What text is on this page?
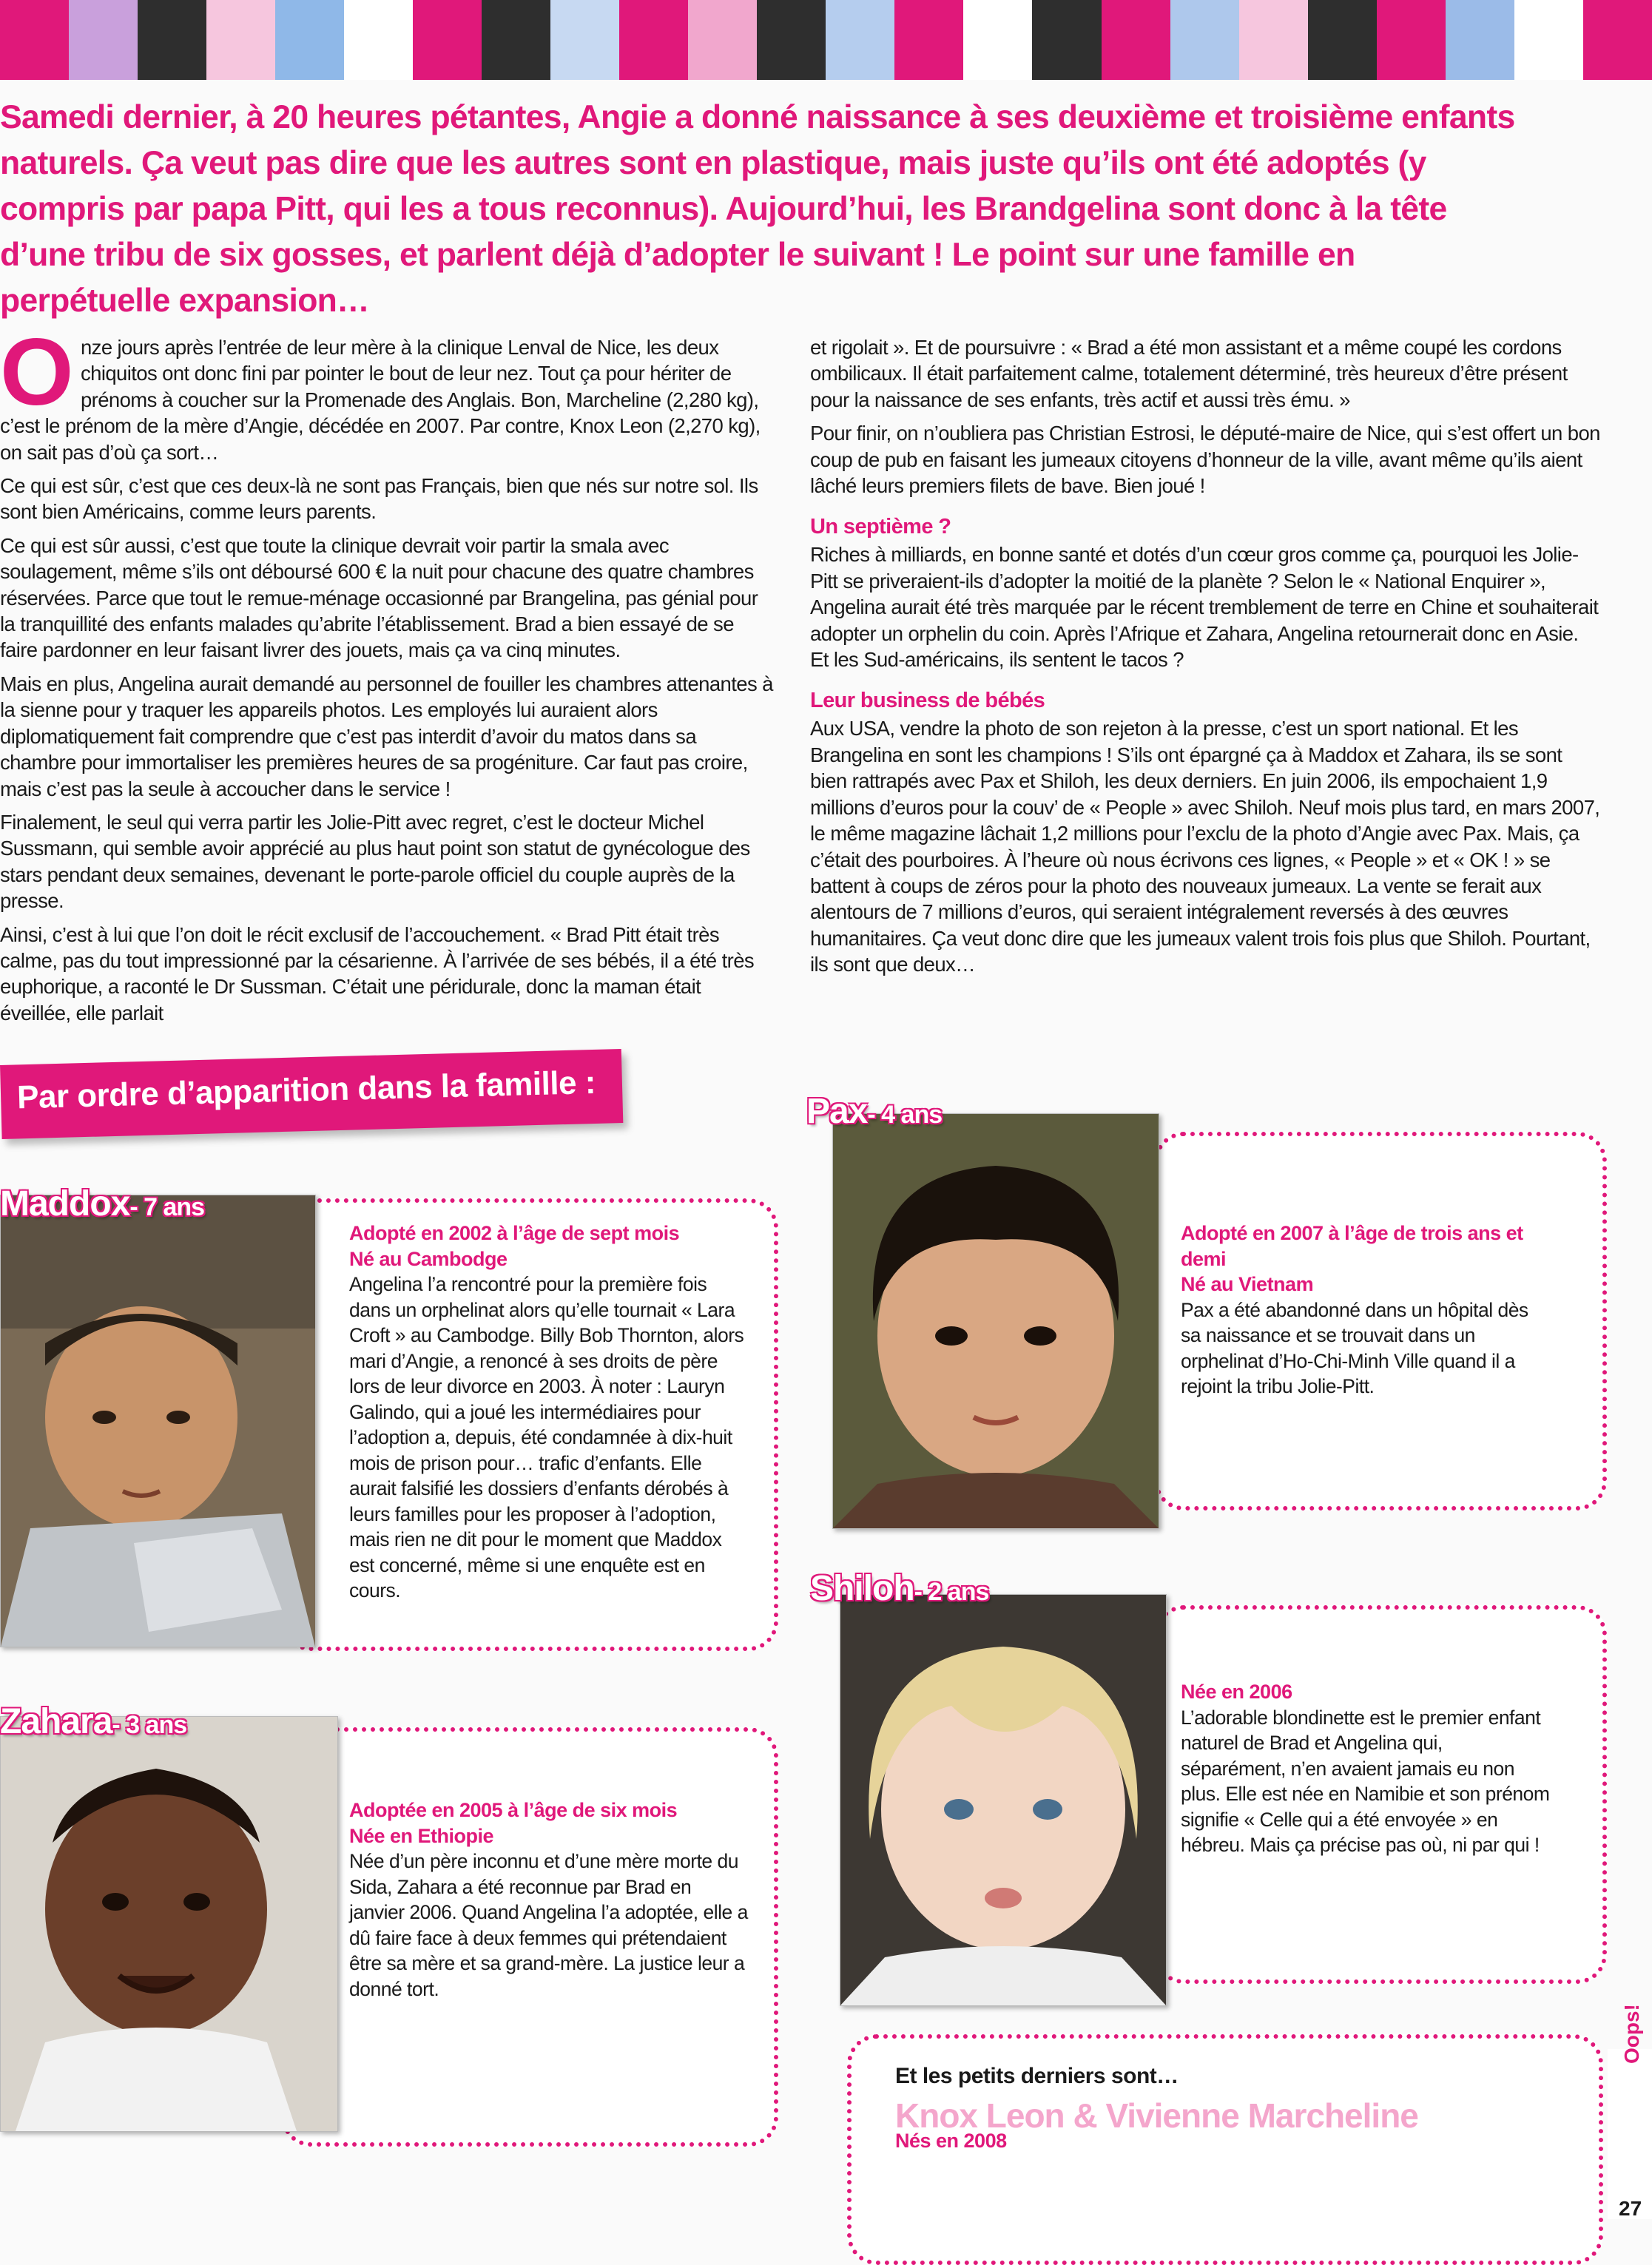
Samedi dernier, à 20 heures pétantes, Angie a donné naissance à ses deuxième et troisième enfants naturels. Ça veut pas dire que les autres sont en plastique, mais juste qu’ils ont été adoptés (y compris par papa Pitt, qui les a tous reconnus). Aujourd’hui, les Brandgelina sont donc à la tête d’une tribu de six gosses, et parlent déjà d’adopter le suivant ! Le point sur une famille en perpétuelle expansion…

Onze jours après l’entrée de leur mère à la clinique Lenval de Nice, les deux chiquitos ont donc fini par pointer le bout de leur nez. Tout ça pour hériter de prénoms à coucher sur la Promenade des Anglais. Bon, Marcheline (2,280 kg), c’est le prénom de la mère d’Angie, décédée en 2007. Par contre, Knox Leon (2,270 kg), on sait pas d’où ça sort…

Ce qui est sûr, c’est que ces deux-là ne sont pas Français, bien que nés sur notre sol. Ils sont bien Américains, comme leurs parents.

Ce qui est sûr aussi, c’est que toute la clinique devrait voir partir la smala avec soulagement, même s’ils ont déboursé 600 € la nuit pour chacune des quatre chambres réservées. Parce que tout le remue-ménage occasionné par Brangelina, pas génial pour la tranquillité des enfants malades qu’abrite l’établissement. Brad a bien essayé de se faire pardonner en leur faisant livrer des jouets, mais ça va cinq minutes.

Mais en plus, Angelina aurait demandé au personnel de fouiller les chambres attenantes à la sienne pour y traquer les appareils photos. Les employés lui auraient alors diplomatiquement fait comprendre que c’est pas interdit d’avoir du matos dans sa chambre pour immortaliser les premières heures de sa progéniture. Car faut pas croire, mais c’est pas la seule à accoucher dans le service !

Finalement, le seul qui verra partir les Jolie-Pitt avec regret, c’est le docteur Michel Sussmann, qui semble avoir apprécié au plus haut point son statut de gynécologue des stars pendant deux semaines, devenant le porte-parole officiel du couple auprès de la presse.

Ainsi, c’est à lui que l’on doit le récit exclusif de l’accouchement. « Brad Pitt était très calme, pas du tout impressionné par la césarienne. À l’arrivée de ses bébés, il a été très euphorique, a raconté le Dr Sussman. C’était une péridurale, donc la maman était éveillée, elle parlait

et rigolait ». Et de poursuivre : « Brad a été mon assistant et a même coupé les cordons ombilicaux. Il était parfaitement calme, totalement déterminé, très heureux d’être présent pour la naissance de ses enfants, très actif et aussi très ému. »

Pour finir, on n’oubliera pas Christian Estrosi, le député-maire de Nice, qui s’est offert un bon coup de pub en faisant les jumeaux citoyens d’honneur de la ville, avant même qu’ils aient lâché leurs premiers filets de bave. Bien joué !

Un septième ?

Riches à milliards, en bonne santé et dotés d’un cœur gros comme ça, pourquoi les Jolie-Pitt se priveraient-ils d’adopter la moitié de la planète ? Selon le « National Enquirer », Angelina aurait été très marquée par le récent tremblement de terre en Chine et souhaiterait adopter un orphelin du coin. Après l’Afrique et Zahara, Angelina retournerait donc en Asie. Et les Sud-américains, ils sentent le tacos ?

Leur business de bébés

Aux USA, vendre la photo de son rejeton à la presse, c’est un sport national. Et les Brangelina en sont les champions ! S’ils ont épargné ça à Maddox et Zahara, ils se sont bien rattrapés avec Pax et Shiloh, les deux derniers. En juin 2006, ils empochaient 1,9 millions d’euros pour la couv’ de « People » avec Shiloh. Neuf mois plus tard, en mars 2007, le même magazine lâchait 1,2 millions pour l’exclu de la photo d’Angie avec Pax. Mais, ça c’était des pourboires. À l’heure où nous écrivons ces lignes, « People » et « OK ! » se battent à coups de zéros pour la photo des nouveaux jumeaux. La vente se ferait aux alentours de 7 millions d’euros, qui seraient intégralement reversés à des œuvres humanitaires. Ça veut donc dire que les jumeaux valent trois fois plus que Shiloh. Pourtant, ils sont que deux…

Par ordre d’apparition dans la famille :
Maddox- 7 ans
Adopté en 2002 à l’âge de sept mois
Né au Cambodge
Angelina l’a rencontré pour la première fois dans un orphelinat alors qu’elle tournait « Lara Croft » au Cambodge. Billy Bob Thornton, alors mari d’Angie, a renoncé à ses droits de père lors de leur divorce en 2003. À noter : Lauryn Galindo, qui a joué les intermédiaires pour l’adoption a, depuis, été condamnée à dix-huit mois de prison pour… trafic d’enfants. Elle aurait falsifié les dossiers d’enfants dérobés à leurs familles pour les proposer à l’adoption, mais rien ne dit pour le moment que Maddox est concerné, même si une enquête est en cours.
Zahara- 3 ans
Adoptée en 2005 à l’âge de six mois
Née en Ethiopie
Née d’un père inconnu et d’une mère morte du Sida, Zahara a été reconnue par Brad en janvier 2006. Quand Angelina l’a adoptée, elle a dû faire face à deux femmes qui prétendaient être sa mère et sa grand-mère. La justice leur a donné tort.
Pax- 4 ans
Adopté en 2007 à l’âge de trois ans et demi
Né au Vietnam
Pax a été abandonné dans un hôpital dès sa naissance et se trouvait dans un orphelinat d’Ho-Chi-Minh Ville quand il a rejoint la tribu Jolie-Pitt.
Shiloh- 2 ans
Née en 2006
L’adorable blondinette est le premier enfant naturel de Brad et Angelina qui, séparément, n’en avaient jamais eu non plus. Elle est née en Namibie et son prénom signifie « Celle qui a été envoyée » en hébreu. Mais ça précise pas où, ni par qui !
Et les petits derniers sont…
Knox Leon & Vivienne Marcheline
Nés en 2008
Oops!
27
